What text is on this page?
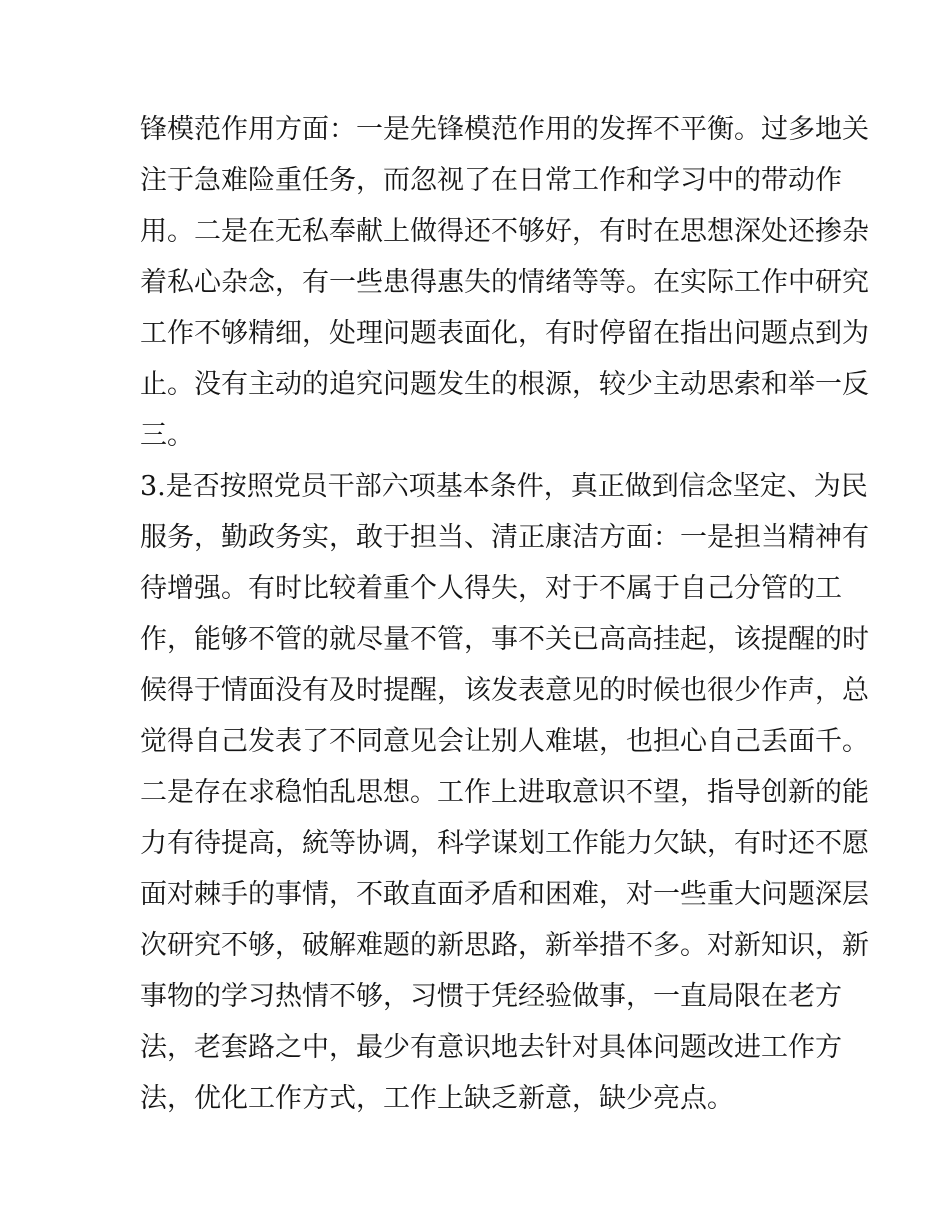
锋模范作用方面：一是先锋模范作用的发挥不平衡。过多地关
注于急难险重任务，而忽视了在日常工作和学习中的带动作
用。二是在无私奉献上做得还不够好，有时在思想深处还掺杂
着私心杂念，有一些患得惠失的情绪等等。在实际工作中研究
工作不够精细，处理问题表面化，有时停留在指出问题点到为
止。没有主动的追究问题发生的根源，较少主动思索和举一反
三。
3.是否按照党员干部六项基本条件，真正做到信念坚定、为民
服务，勤政务实，敢于担当、清正康洁方面：一是担当精神有
待增强。有时比较着重个人得失，对于不属于自己分管的工
作，能够不管的就尽量不管，事不关已高高挂起，该提醒的时
候得于情面没有及时提醒，该发表意见的时候也很少作声，总
觉得自己发表了不同意见会让别人难堪，也担心自己丢面千。
二是存在求稳怕乱思想。工作上进取意识不望，指导创新的能
力有待提高，統等协调，科学谋划工作能力欠缺，有时还不愿
面对棘手的事情，不敢直面矛盾和困难，对一些重大问题深层
次研究不够，破解难题的新思路，新举措不多。对新知识，新
事物的学习热情不够，习惯于凭经验做事，一直局限在老方
法，老套路之中，最少有意识地去针对具体问题改进工作方
法，优化工作方式，工作上缺乏新意，缺少亮点。
